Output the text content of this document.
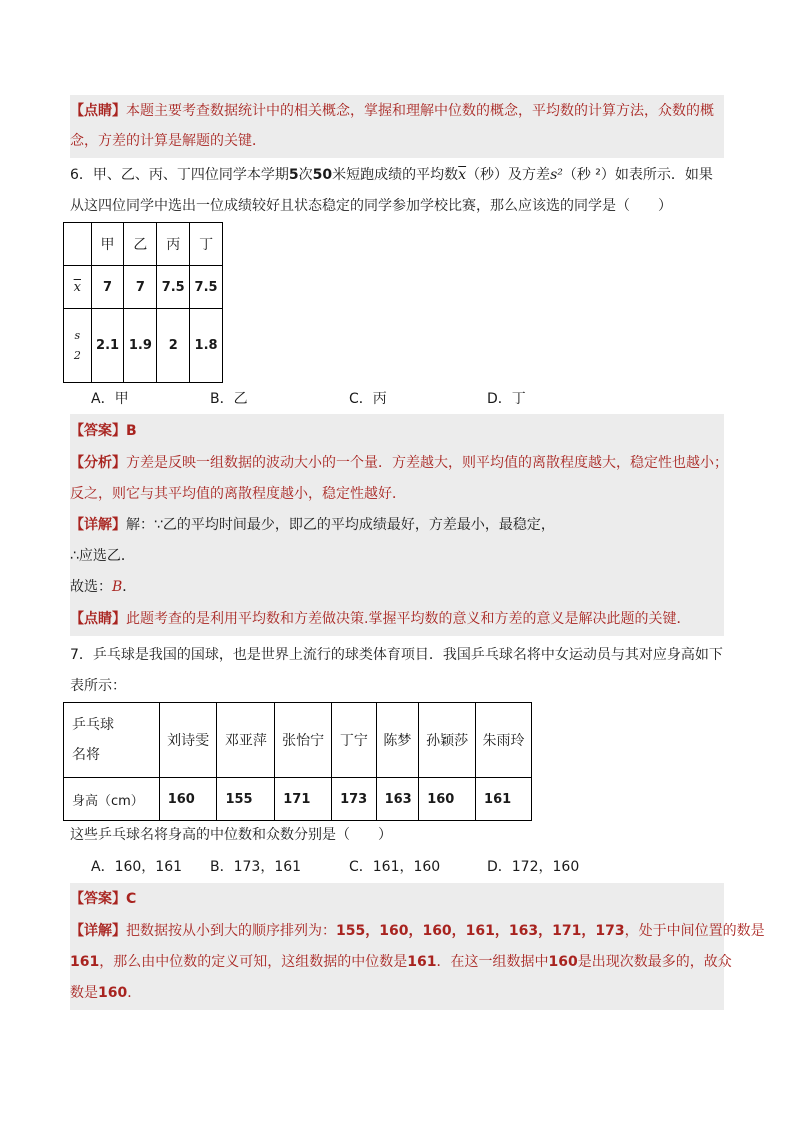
【点睛】本题主要考查数据统计中的相关概念，掌握和理解中位数的概念，平均数的计算方法，众数的概
念，方差的计算是解题的关键．
6．甲、乙、丙、丁四位同学本学期5次50米短跑成绩的平均数$\overline{x}$（秒）及方差s²（秒 ²）如表所示．如果
从这四位同学中选出一位成绩较好且状态稳定的同学参加学校比赛，那么应该选的同学是（　　）
	甲	乙	丙	丁
$\overline{x}$	7	7	7.5	7.5

s
2	2.1	1.9	2	1.8
A．甲	B．乙	C．丙	D．丁
【答案】B
【分析】方差是反映一组数据的波动大小的一个量．方差越大，则平均值的离散程度越大，稳定性也越小；
反之，则它与其平均值的离散程度越小，稳定性越好．
【详解】解：∵乙的平均时间最少，即乙的平均成绩最好，方差最小，最稳定，
∴应选乙．
故选：B．
【点睛】此题考查的是利用平均数和方差做决策.掌握平均数的意义和方差的意义是解决此题的关键．
7．乒乓球是我国的国球，也是世界上流行的球类体育项目．我国乒乓球名将中女运动员与其对应身高如下
表所示：
乒乓球
名将	刘诗雯	邓亚萍	张怡宁	丁宁	陈梦	孙颖莎	朱雨玲
身高（cm）	160	155	171	173	163	160	161
这些乒乓球名将身高的中位数和众数分别是（　　）
A．160，161 B．173，161	C．161，160	D．172，160
【答案】C
【详解】把数据按从小到大的顺序排列为：155，160，160，161，163，171，173，处于中间位置的数是
161，那么由中位数的定义可知，这组数据的中位数是161．在这一组数据中160是出现次数最多的，故众
数是160．
